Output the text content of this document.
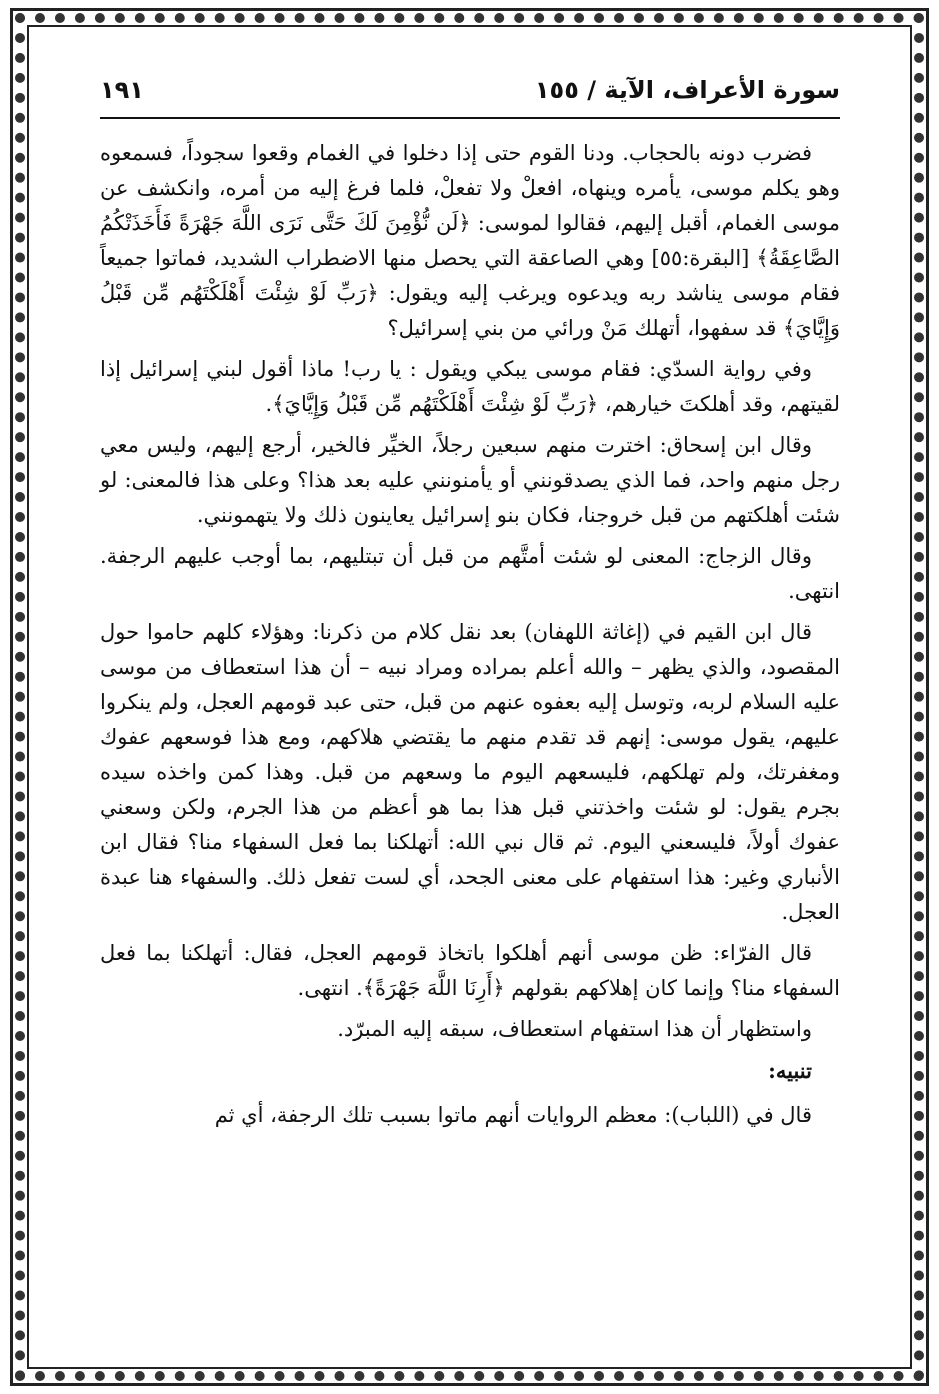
سورة الأعراف، الآية / ١٥٥
١٩١

فضرب دونه بالحجاب. ودنا القوم حتى إذا دخلوا في الغمام وقعوا سجوداً، فسمعوه وهو يكلم موسى، يأمره وينهاه، افعلْ ولا تفعلْ، فلما فرغ إليه من أمره، وانكشف عن موسى الغمام، أقبل إليهم، فقالوا لموسى: ﴿لَن نُّؤْمِنَ لَكَ حَتَّى نَرَى اللَّهَ جَهْرَةً فَأَخَذَتْكُمُ الصَّاعِقَةُ﴾ [البقرة:٥٥] وهي الصاعقة التي يحصل منها الاضطراب الشديد، فماتوا جميعاً فقام موسى يناشد ربه ويدعوه ويرغب إليه ويقول: ﴿رَبِّ لَوْ شِئْتَ أَهْلَكْتَهُم مِّن قَبْلُ وَإِيَّايَ﴾ قد سفهوا، أتهلك مَنْ ورائي من بني إسرائيل؟

وفي رواية السدّي: فقام موسى يبكي ويقول : يا رب! ماذا أقول لبني إسرائيل إذا لقيتهم، وقد أهلكتَ خيارهم، ﴿رَبِّ لَوْ شِئْتَ أَهْلَكْتَهُم مِّن قَبْلُ وَإِيَّايَ﴾.

وقال ابن إسحاق: اخترت منهم سبعين رجلاً، الخيِّر فالخير، أرجع إليهم، وليس معي رجل منهم واحد، فما الذي يصدقونني أو يأمنونني عليه بعد هذا؟ وعلى هذا فالمعنى: لو شئت أهلكتهم من قبل خروجنا، فكان بنو إسرائيل يعاينون ذلك ولا يتهمونني.

وقال الزجاج: المعنى لو شئت أمتَّهم من قبل أن تبتليهم، بما أوجب عليهم الرجفة. انتهى.

قال ابن القيم في (إغاثة اللهفان) بعد نقل كلام من ذكرنا: وهؤلاء كلهم حاموا حول المقصود، والذي يظهر – والله أعلم بمراده ومراد نبيه – أن هذا استعطاف من موسى عليه السلام لربه، وتوسل إليه بعفوه عنهم من قبل، حتى عبد قومهم العجل، ولم ينكروا عليهم، يقول موسى: إنهم قد تقدم منهم ما يقتضي هلاكهم، ومع هذا فوسعهم عفوك ومغفرتك، ولم تهلكهم، فليسعهم اليوم ما وسعهم من قبل. وهذا كمن واخذه سيده بجرم يقول: لو شئت واخذتني قبل هذا بما هو أعظم من هذا الجرم، ولكن وسعني عفوك أولاً، فليسعني اليوم. ثم قال نبي الله: أتهلكنا بما فعل السفهاء منا؟ فقال ابن الأنباري وغير: هذا استفهام على معنى الجحد، أي لست تفعل ذلك. والسفهاء هنا عبدة العجل.

قال الفرّاء: ظن موسى أنهم أهلكوا باتخاذ قومهم العجل، فقال: أتهلكنا بما فعل السفهاء منا؟ وإنما كان إهلاكهم بقولهم ﴿أَرِنَا اللَّهَ جَهْرَةً﴾. انتهى.

واستظهار أن هذا استفهام استعطاف، سبقه إليه المبرّد.

تنبيه:

قال في (اللباب): معظم الروايات أنهم ماتوا بسبب تلك الرجفة، أي ثم
